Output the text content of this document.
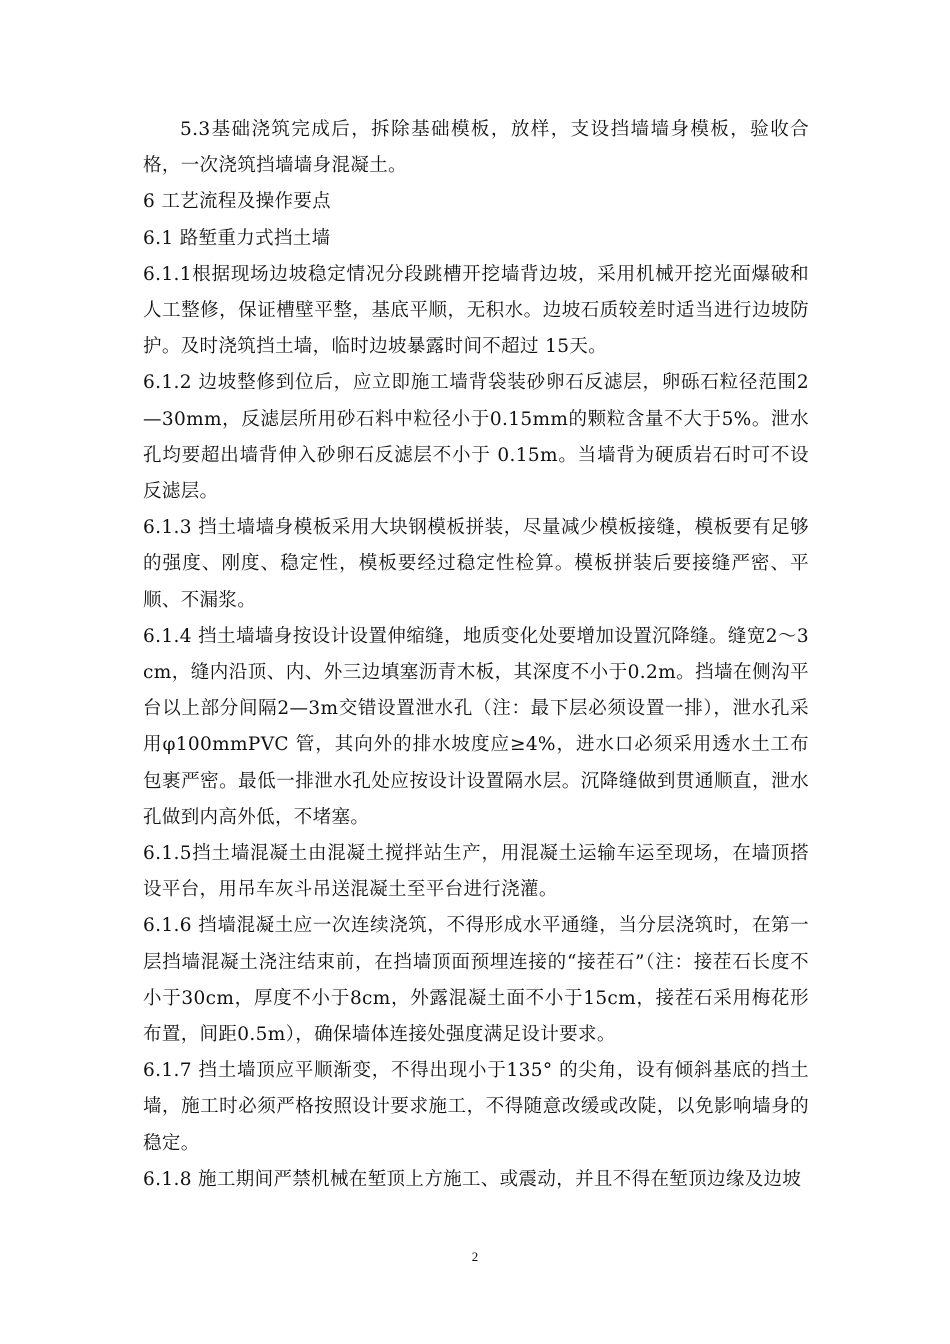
5.3基础浇筑完成后，拆除基础模板，放样，支设挡墙墙身模板，验收合格，一次浇筑挡墙墙身混凝土。

6 工艺流程及操作要点

6.1 路堑重力式挡土墙

6.1.1根据现场边坡稳定情况分段跳槽开挖墙背边坡，采用机械开挖光面爆破和人工整修，保证槽壁平整，基底平顺，无积水。边坡石质较差时适当进行边坡防护。及时浇筑挡土墙，临时边坡暴露时间不超过 15天。

6.1.2 边坡整修到位后，应立即施工墙背袋装砂卵石反滤层，卵砾石粒径范围2—30mm，反滤层所用砂石料中粒径小于0.15mm的颗粒含量不大于5%。泄水孔均要超出墙背伸入砂卵石反滤层不小于 0.15m。当墙背为硬质岩石时可不设反滤层。

6.1.3 挡土墙墙身模板采用大块钢模板拼装，尽量减少模板接缝，模板要有足够的强度、刚度、稳定性，模板要经过稳定性检算。模板拼装后要接缝严密、平顺、不漏浆。

6.1.4 挡土墙墙身按设计设置伸缩缝，地质变化处要增加设置沉降缝。缝宽2～3cm，缝内沿顶、内、外三边填塞沥青木板，其深度不小于0.2m。挡墙在侧沟平台以上部分间隔2—3m交错设置泄水孔（注：最下层必须设置一排），泄水孔采用φ100mmPVC 管，其向外的排水坡度应≥4%，进水口必须采用透水土工布包裹严密。最低一排泄水孔处应按设计设置隔水层。沉降缝做到贯通顺直，泄水孔做到内高外低，不堵塞。

6.1.5挡土墙混凝土由混凝土搅拌站生产，用混凝土运输车运至现场，在墙顶搭设平台，用吊车灰斗吊送混凝土至平台进行浇灌。

6.1.6 挡墙混凝土应一次连续浇筑，不得形成水平通缝，当分层浇筑时，在第一层挡墙混凝土浇注结束前，在挡墙顶面预埋连接的“接茬石”（注：接茬石长度不小于30cm，厚度不小于8cm，外露混凝土面不小于15cm，接茬石采用梅花形布置，间距0.5m），确保墙体连接处强度满足设计要求。

6.1.7 挡土墙顶应平顺渐变，不得出现小于135° 的尖角，设有倾斜基底的挡土墙，施工时必须严格按照设计要求施工，不得随意改缓或改陡，以免影响墙身的稳定。

6.1.8 施工期间严禁机械在堑顶上方施工、或震动，并且不得在堑顶边缘及边坡

2
